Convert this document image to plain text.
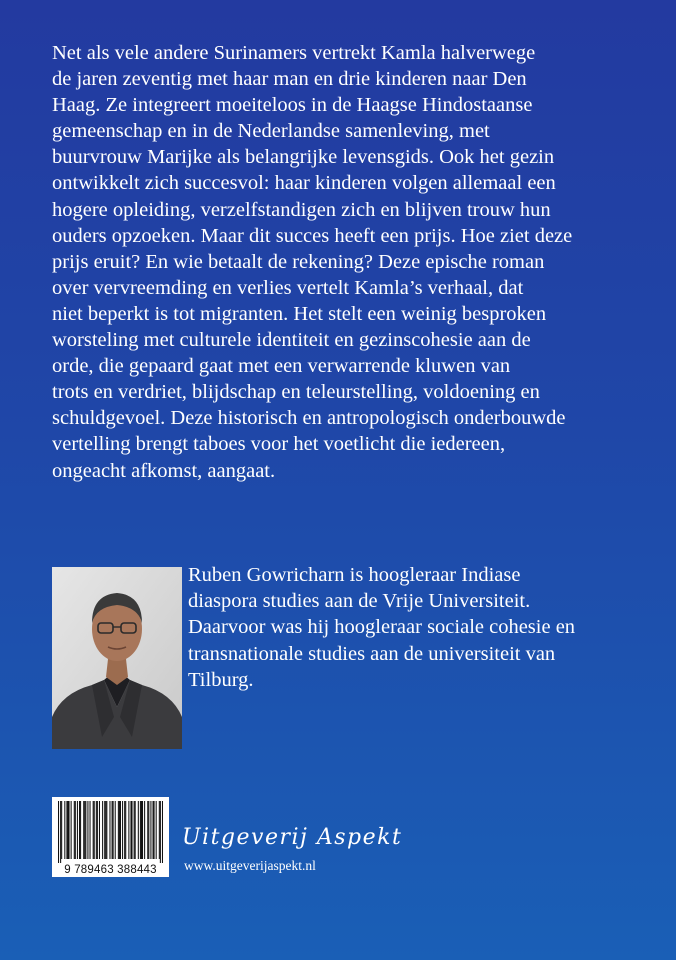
Net als vele andere Surinamers vertrekt Kamla halverwege
de jaren zeventig met haar man en drie kinderen naar Den
Haag. Ze integreert moeiteloos in de Haagse Hindostaanse
gemeenschap en in de Nederlandse samenleving, met
buurvrouw Marijke als belangrijke levensgids. Ook het gezin
ontwikkelt zich succesvol: haar kinderen volgen allemaal een
hogere opleiding, verzelfstandigen zich en blijven trouw hun
ouders opzoeken. Maar dit succes heeft een prijs. Hoe ziet deze
prijs eruit? En wie betaalt de rekening? Deze epische roman
over vervreemding en verlies vertelt Kamla’s verhaal, dat
niet beperkt is tot migranten. Het stelt een weinig besproken
worsteling met culturele identiteit en gezinscohesie aan de
orde, die gepaard gaat met een verwarrende kluwen van
trots en verdriet, blijdschap en teleurstelling, voldoening en
schuldgevoel. Deze historisch en antropologisch onderbouwde
vertelling brengt taboes voor het voetlicht die iedereen,
ongeacht afkomst, aangaat.
Ruben Gowricharn is hoogleraar Indiase
diaspora studies aan de Vrije Universiteit.
Daarvoor was hij hoogleraar sociale cohesie en
transnationale studies aan de universiteit van
Tilburg.
9 789463 388443
Uitgeverij Aspekt
www.uitgeverijaspekt.nl
